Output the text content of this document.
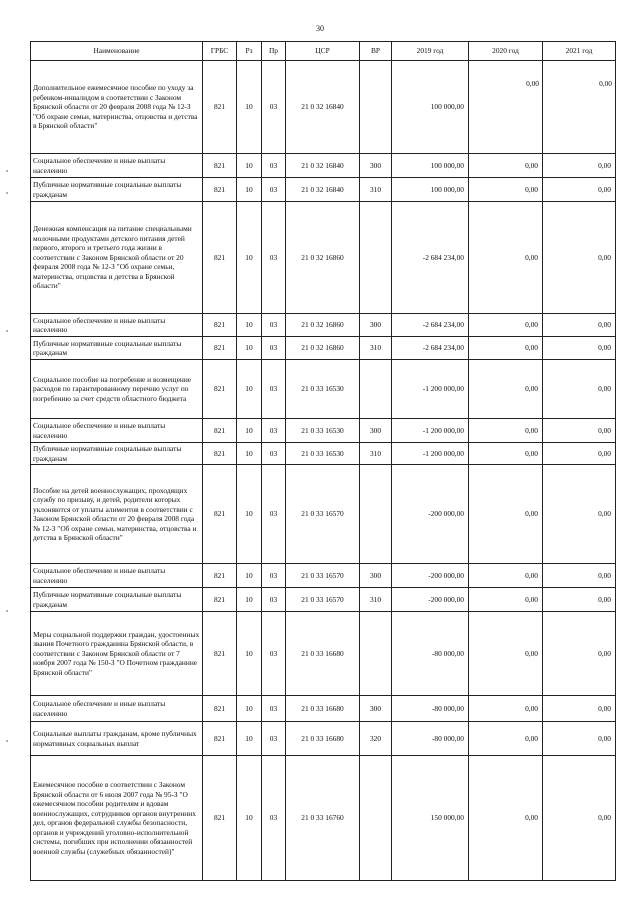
30
Наименование	ГРБС	Рз	Пр	ЦСР	ВР	2019 год	2020 год	2021 год
Дополнительное ежемесячное пособие по уходу за ребенком-инвалидом в соответствии с Законом Брянской области от 20 февраля 2008 года № 12-З "Об охране семьи, материнства, отцовства и детства в Брянской области"	821	10	03	21 0 32 16840		100 000,00	0,00	0,00
Социальное обеспечение и иные выплаты населению	821	10	03	21 0 32 16840	300	100 000,00	0,00	0,00
Публичные нормативные социальные выплаты гражданам	821	10	03	21 0 32 16840	310	100 000,00	0,00	0,00
Денежная компенсация на питание специальными молочными продуктами детского питания детей первого, второго и третьего года жизни в соответствии с Законом Брянской области от 20 февраля 2008 года № 12-З "Об охране семьи, материнства, отцовства и детства в Брянской области"	821	10	03	21 0 32 16860		-2 684 234,00	0,00	0,00
Социальное обеспечение и иные выплаты населению	821	10	03	21 0 32 16860	300	-2 684 234,00	0,00	0,00
Публичные нормативные социальные выплаты гражданам	821	10	03	21 0 32 16860	310	-2 684 234,00	0,00	0,00
Социальное пособие на погребение и возмещение расходов по гарантированному перечню услуг по погребению за счет средств областного бюджета	821	10	03	21 0 33 16530		-1 200 000,00	0,00	0,00
Социальное обеспечение и иные выплаты населению	821	10	03	21 0 33 16530	300	-1 200 000,00	0,00	0,00
Публичные нормативные социальные выплаты гражданам	821	10	03	21 0 33 16530	310	-1 200 000,00	0,00	0,00
Пособие на детей военнослужащих, проходящих службу по призыву, и детей, родители которых уклоняются от уплаты алиментов в соответствии с Законом Брянской области от 20 февраля 2008 года № 12-З "Об охране семьи, материнства, отцовства и детства в Брянской области"	821	10	03	21 0 33 16570		-200 000,00	0,00	0,00
Социальное обеспечение и иные выплаты населению	821	10	03	21 0 33 16570	300	-200 000,00	0,00	0,00
Публичные нормативные социальные выплаты гражданам	821	10	03	21 0 33 16570	310	-200 000,00	0,00	0,00
Меры социальной поддержки граждан, удостоенных звания Почетного гражданина Брянской области, в соответствии с Законом Брянской области от 7 ноября 2007 года № 150-З "О Почетном гражданине Брянской области"	821	10	03	21 0 33 16680		-80 000,00	0,00	0,00
Социальное обеспечение и иные выплаты населению	821	10	03	21 0 33 16680	300	-80 000,00	0,00	0,00
Социальные выплаты гражданам, кроме публичных нормативных социальных выплат	821	10	03	21 0 33 16680	320	-80 000,00	0,00	0,00
Ежемесячное пособие в соответствии с Законом Брянской области от 6 июля 2007 года № 95-З "О ежемесячном пособии родителям и вдовам военнослужащих, сотрудников органов внутренних дел, органов федеральной службы безопасности, органов и учреждений уголовно-исполнительной системы, погибших при исполнении обязанностей военной службы (служебных обязанностей)"	821	10	03	21 0 33 16760		150 000,00	0,00	0,00
